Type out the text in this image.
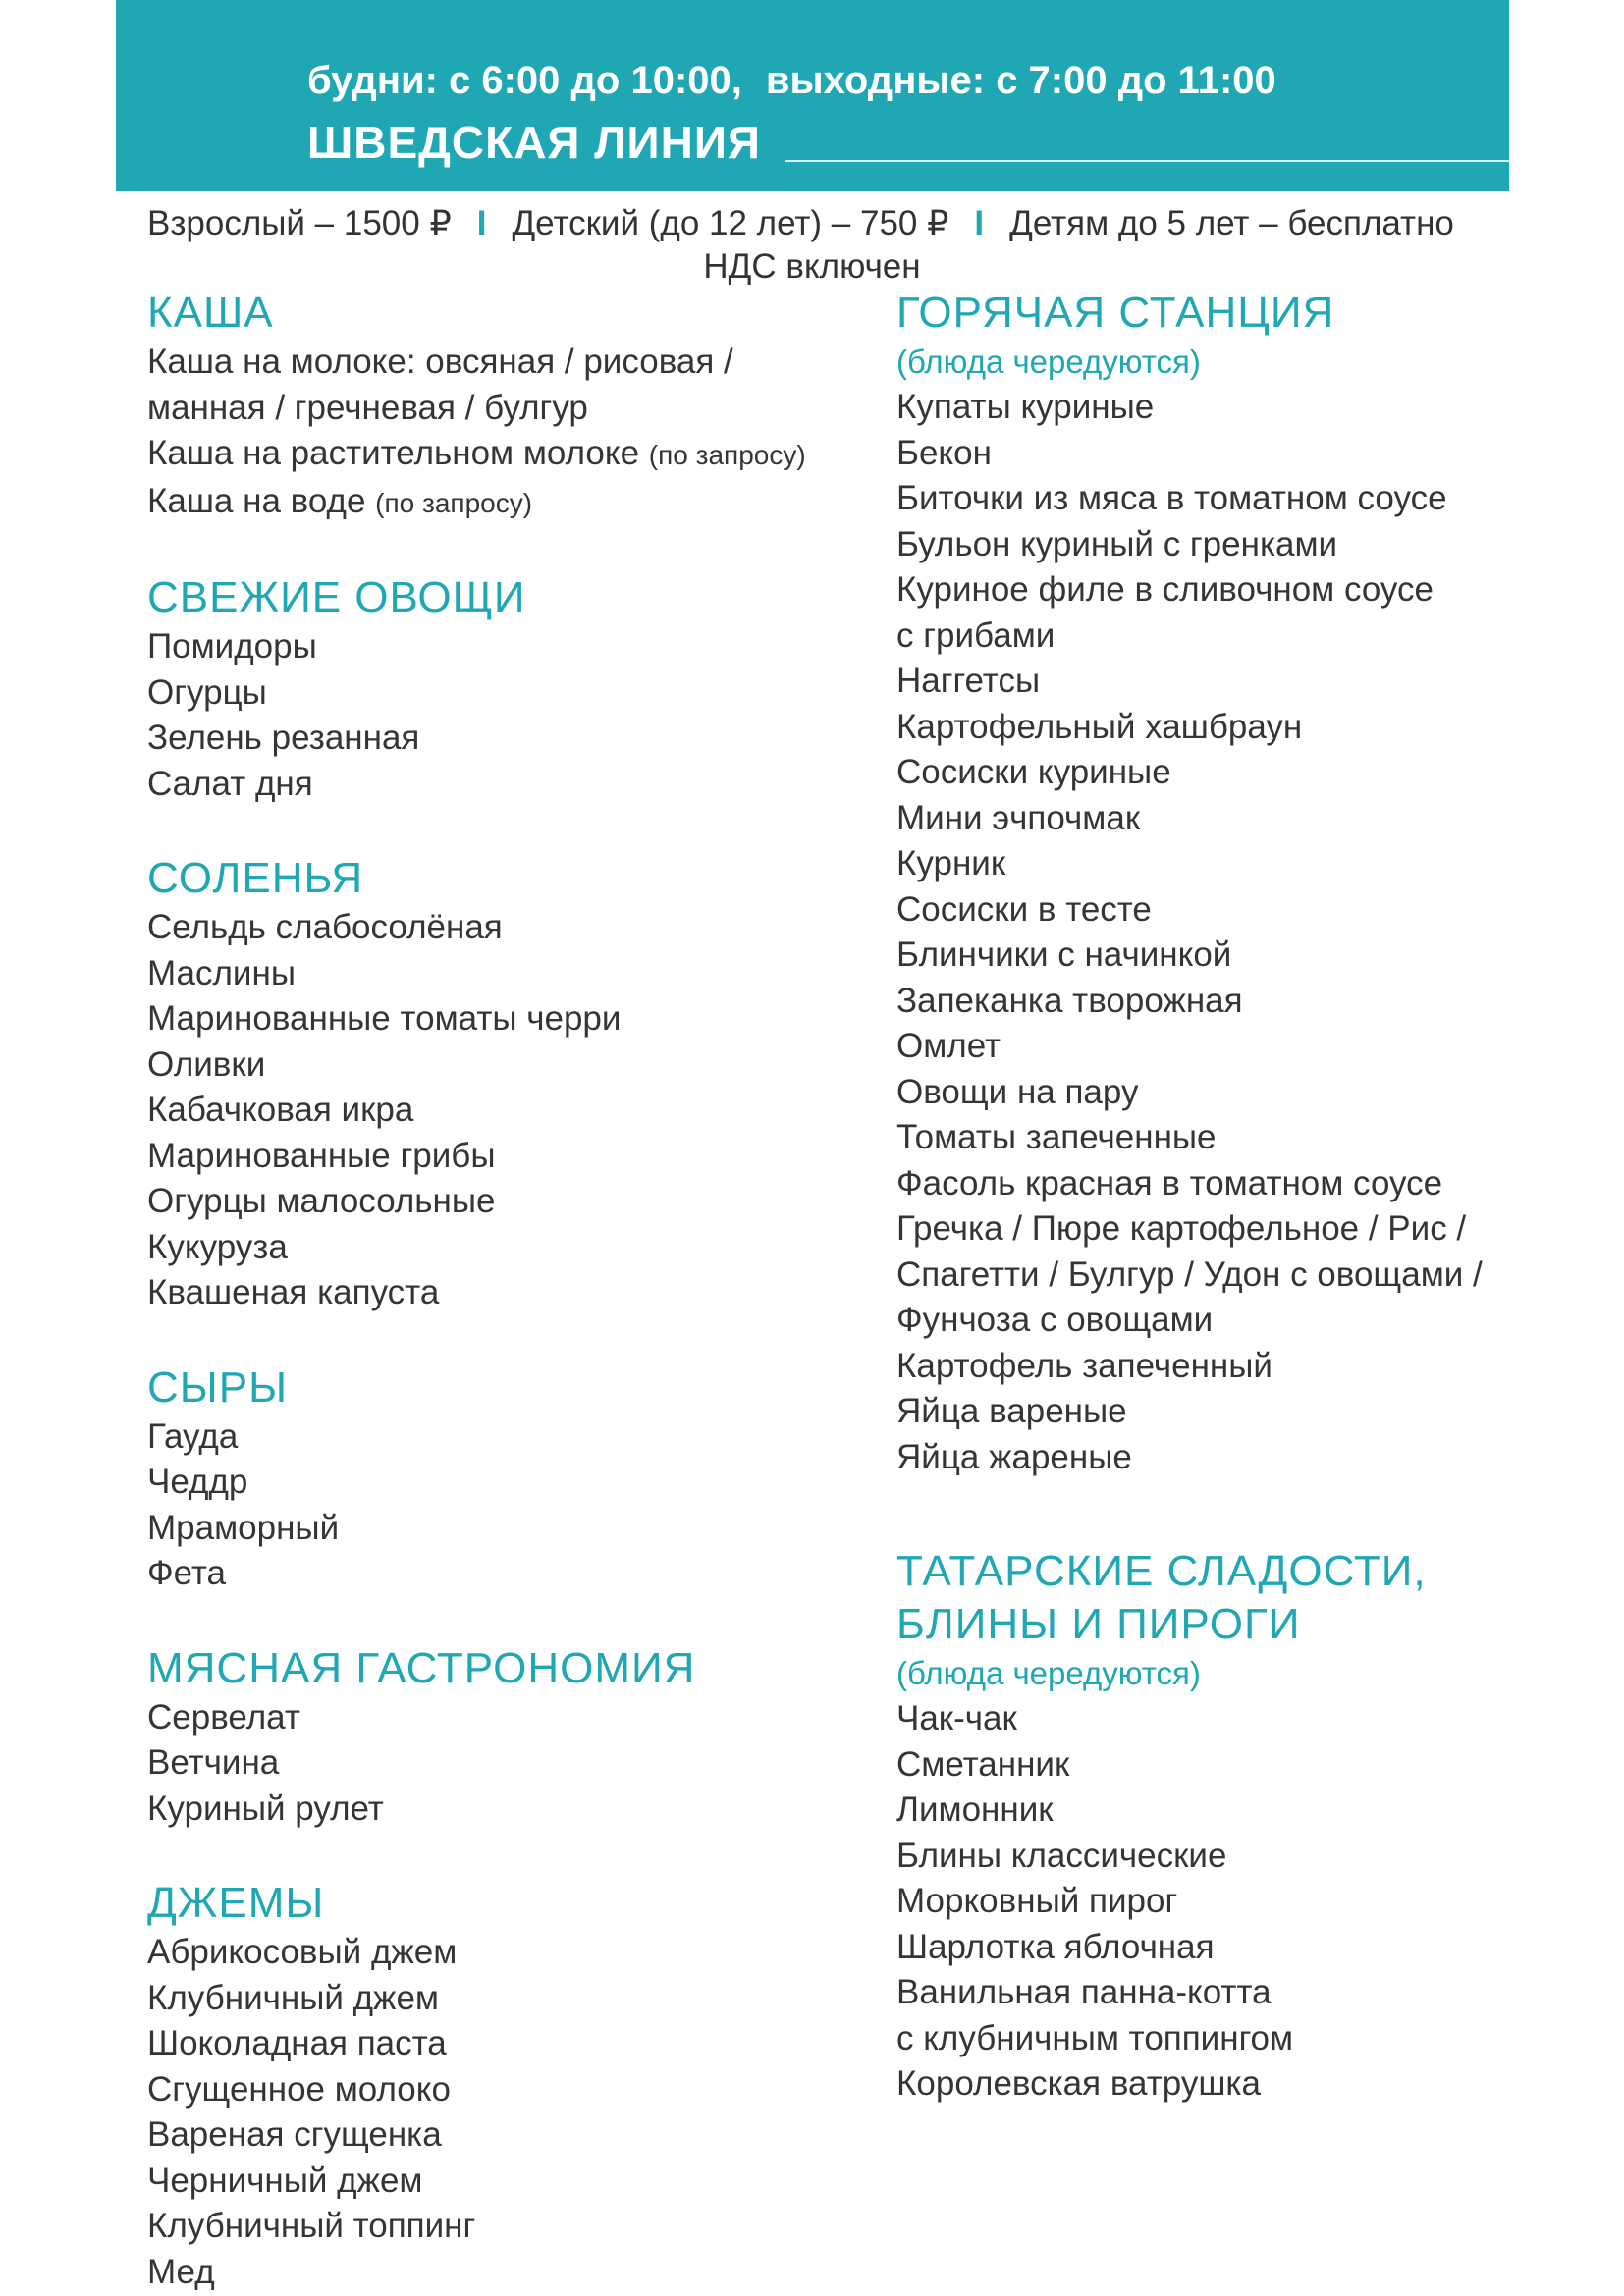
будни: с 6:00 до 10:00, выходные: с 7:00 до 11:00
ШВЕДСКАЯ ЛИНИЯ
Взрослый – 1500 ₽ I Детский (до 12 лет) – 750 ₽ I Детям до 5 лет – бесплатно
НДС включен
КАША
Каша на молоке: овсяная / рисовая /
манная / гречневая / булгур
Каша на растительном молоке (по запросу)
Каша на воде (по запросу)
СВЕЖИЕ ОВОЩИ
Помидоры
Огурцы
Зелень резанная
Салат дня
СОЛЕНЬЯ
Сельдь слабосолёная
Маслины
Маринованные томаты черри
Оливки
Кабачковая икра
Маринованные грибы
Огурцы малосольные
Кукуруза
Квашеная капуста
СЫРЫ
Гауда
Чеддр
Мраморный
Фета
МЯСНАЯ ГАСТРОНОМИЯ
Сервелат
Ветчина
Куриный рулет
ДЖЕМЫ
Абрикосовый джем
Клубничный джем
Шоколадная паста
Сгущенное молоко
Вареная сгущенка
Черничный джем
Клубничный топпинг
Мед
ГОРЯЧАЯ СТАНЦИЯ
(блюда чередуются)
Купаты куриные
Бекон
Биточки из мяса в томатном соусе
Бульон куриный с гренками
Куриное филе в сливочном соусе
с грибами
Наггетсы
Картофельный хашбраун
Сосиски куриные
Мини эчпочмак
Курник
Сосиски в тесте
Блинчики с начинкой
Запеканка творожная
Омлет
Овощи на пару
Томаты запеченные
Фасоль красная в томатном соусе
Гречка / Пюре картофельное / Рис /
Спагетти / Булгур / Удон с овощами /
Фунчоза с овощами
Картофель запеченный
Яйца вареные
Яйца жареные
ТАТАРСКИЕ СЛАДОСТИ,
БЛИНЫ И ПИРОГИ
(блюда чередуются)
Чак-чак
Сметанник
Лимонник
Блины классические
Морковный пирог
Шарлотка яблочная
Ванильная панна-котта
с клубничным топпингом
Королевская ватрушка
